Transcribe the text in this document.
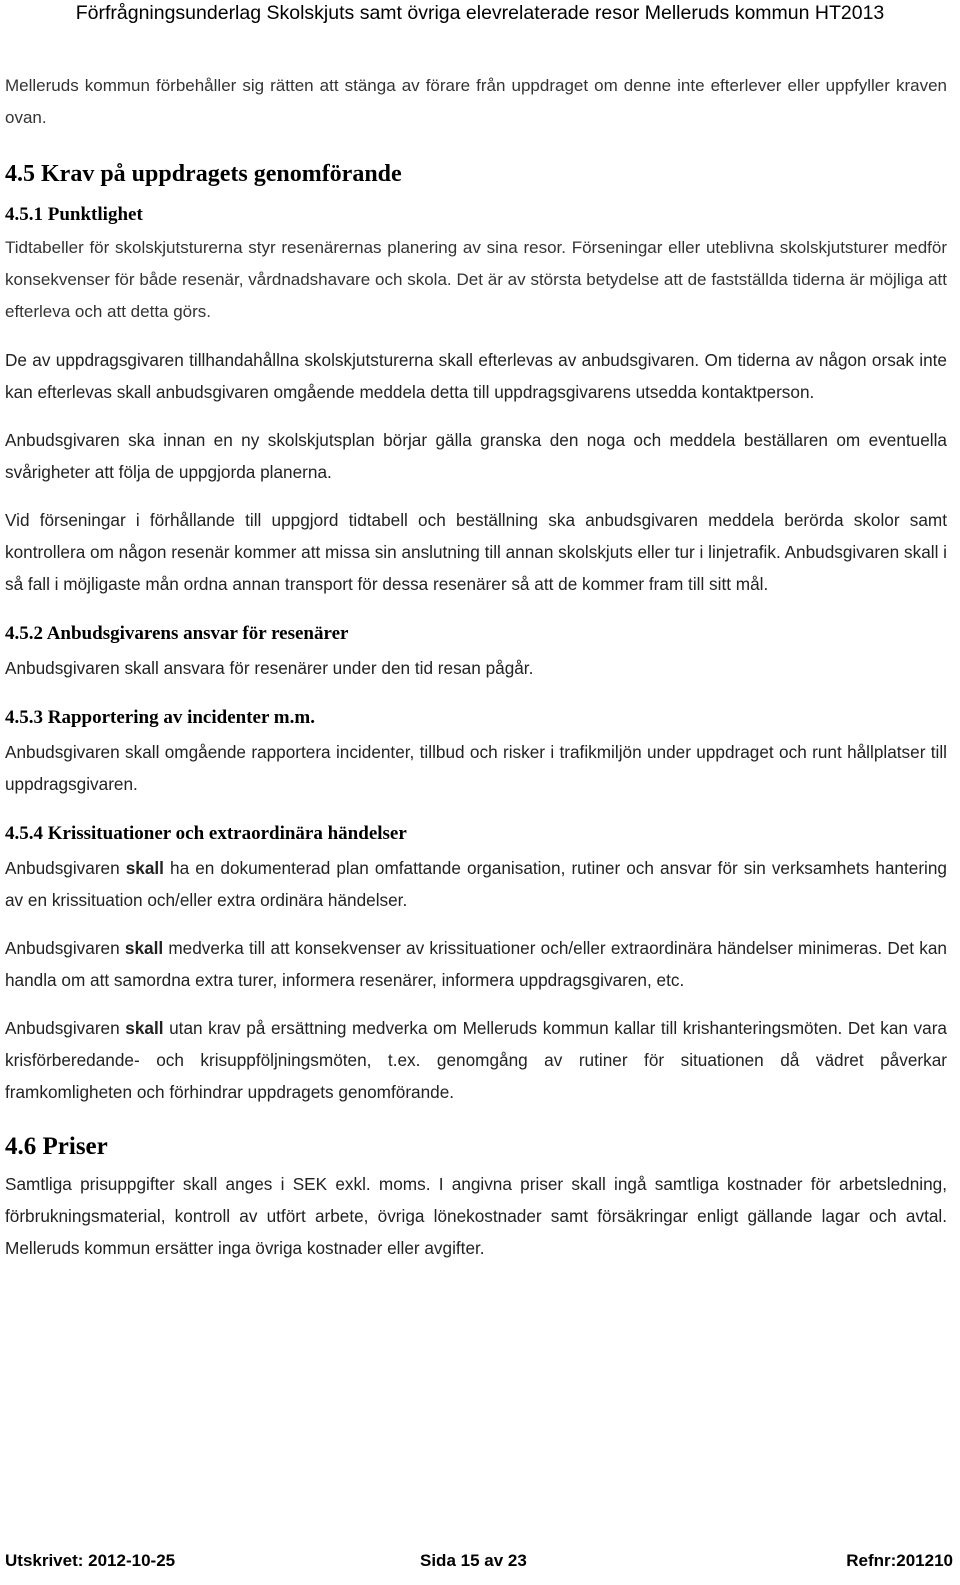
Förfrågningsunderlag Skolskjuts samt övriga elevrelaterade resor Melleruds kommun HT2013

Melleruds kommun förbehåller sig rätten att stänga av förare från uppdraget om denne inte efterlever eller uppfyller kraven ovan.

4.5 Krav på uppdragets genomförande
4.5.1 Punktlighet

Tidtabeller för skolskjutsturerna styr resenärernas planering av sina resor. Förseningar eller uteblivna skolskjutsturer medför konsekvenser för både resenär, vårdnadshavare och skola. Det är av största betydelse att de fastställda tiderna är möjliga att efterleva och att detta görs.

De av uppdragsgivaren tillhandahållna skolskjutsturerna skall efterlevas av anbudsgivaren. Om tiderna av någon orsak inte kan efterlevas skall anbudsgivaren omgående meddela detta till uppdragsgivarens utsedda kontaktperson.

Anbudsgivaren ska innan en ny skolskjutsplan börjar gälla granska den noga och meddela beställaren om eventuella svårigheter att följa de uppgjorda planerna.

Vid förseningar i förhållande till uppgjord tidtabell och beställning ska anbudsgivaren meddela berörda skolor samt kontrollera om någon resenär kommer att missa sin anslutning till annan skolskjuts eller tur i linjetrafik. Anbudsgivaren skall i så fall i möjligaste mån ordna annan transport för dessa resenärer så att de kommer fram till sitt mål.

4.5.2 Anbudsgivarens ansvar för resenärer

Anbudsgivaren skall ansvara för resenärer under den tid resan pågår.

4.5.3 Rapportering av incidenter m.m.

Anbudsgivaren skall omgående rapportera incidenter, tillbud och risker i trafikmiljön under uppdraget och runt hållplatser till uppdragsgivaren.

4.5.4 Krissituationer och extraordinära händelser

Anbudsgivaren skall ha en dokumenterad plan omfattande organisation, rutiner och ansvar för sin verksamhets hantering av en krissituation och/eller extra ordinära händelser.

Anbudsgivaren skall medverka till att konsekvenser av krissituationer och/eller extraordinära händelser minimeras. Det kan handla om att samordna extra turer, informera resenärer, informera uppdragsgivaren, etc.

Anbudsgivaren skall utan krav på ersättning medverka om Melleruds kommun kallar till krishanteringsmöten. Det kan vara krisförberedande- och krisuppföljningsmöten, t.ex. genomgång av rutiner för situationen då vädret påverkar framkomligheten och förhindrar uppdragets genomförande.

4.6 Priser

Samtliga prisuppgifter skall anges i SEK exkl. moms. I angivna priser skall ingå samtliga kostnader för arbetsledning, förbrukningsmaterial, kontroll av utfört arbete, övriga lönekostnader samt försäkringar enligt gällande lagar och avtal. Melleruds kommun ersätter inga övriga kostnader eller avgifter.

Utskrivet: 2012-10-25	Sida 15 av 23	Refnr:201210
